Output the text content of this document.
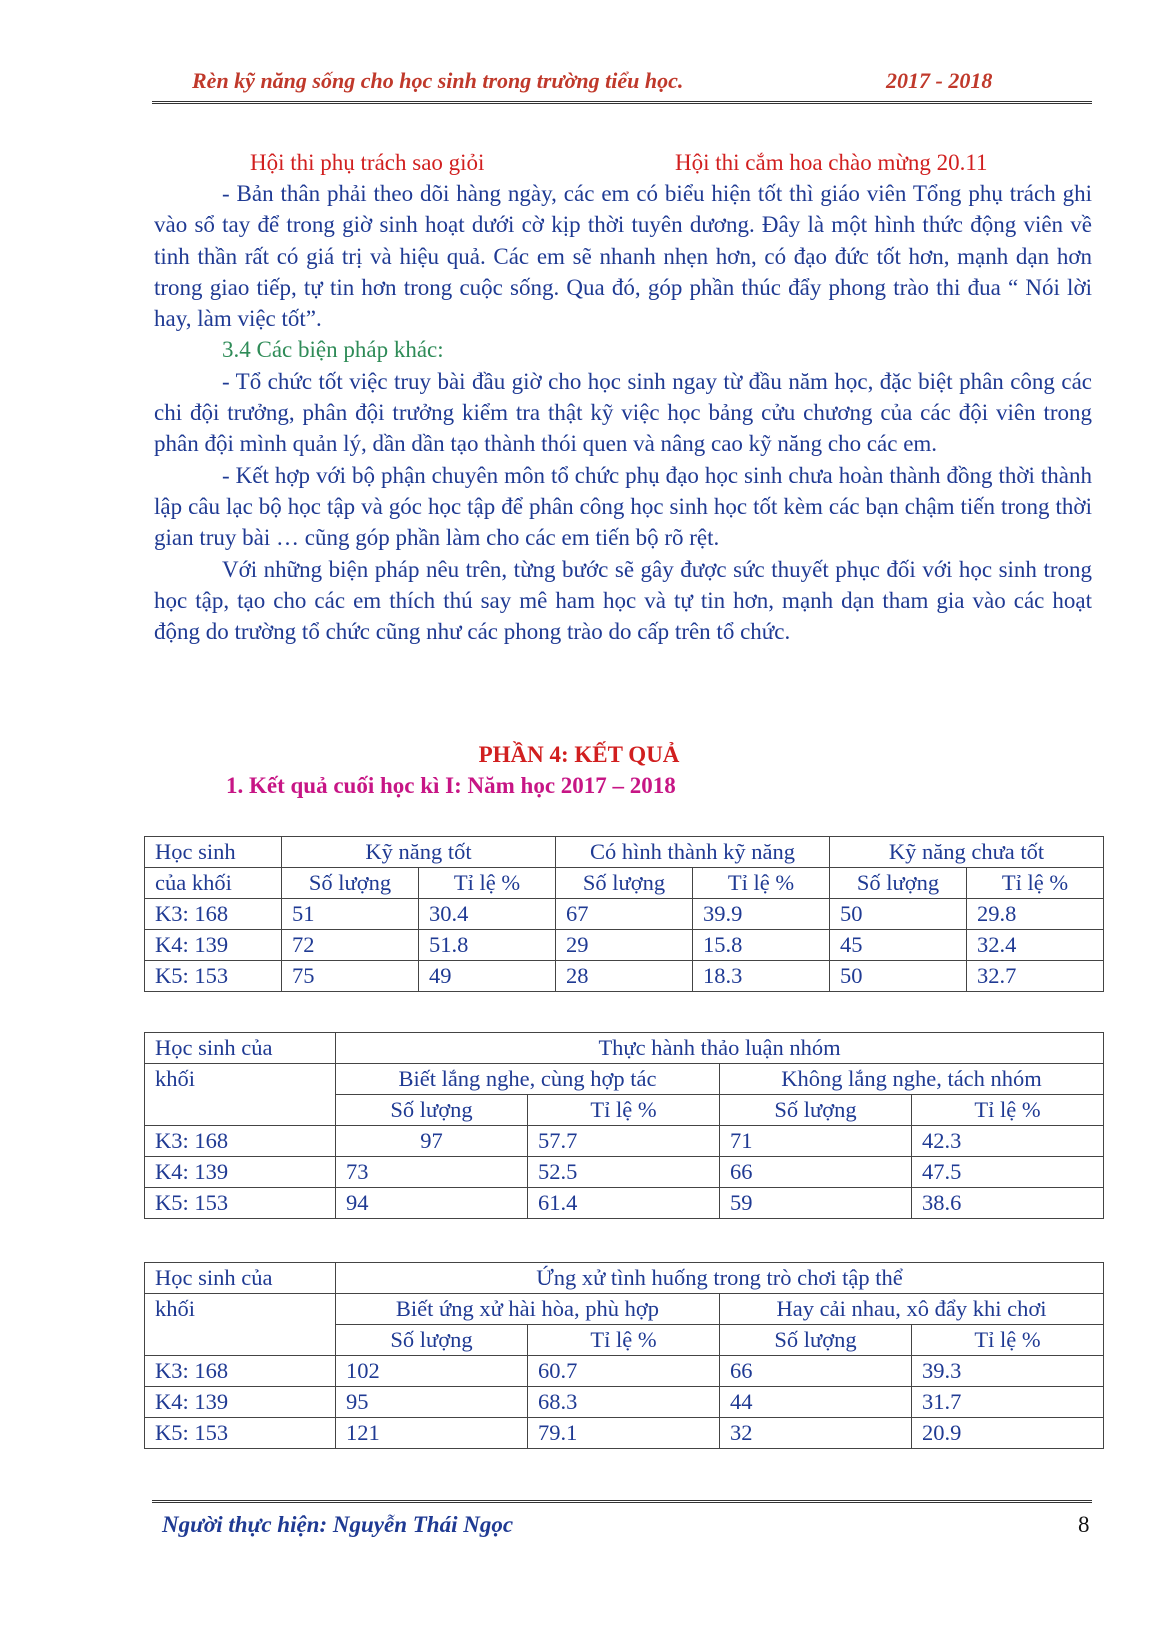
Rèn kỹ năng sống cho học sinh trong trường tiểu học.	2017 - 2018
Hội thi phụ trách sao giỏi	Hội thi cắm hoa chào mừng 20.11

- Bản thân phải theo dõi hàng ngày, các em có biểu hiện tốt thì giáo viên Tổng phụ trách ghi vào sổ tay để trong giờ sinh hoạt dưới cờ kịp thời tuyên dương. Đây là một hình thức động viên về tinh thần rất có giá trị và hiệu quả. Các em sẽ nhanh nhẹn hơn, có đạo đức tốt hơn, mạnh dạn hơn trong giao tiếp, tự tin hơn trong cuộc sống. Qua đó, góp phần thúc đẩy phong trào thi đua “ Nói lời hay, làm việc tốt”.

3.4 Các biện pháp khác:

- Tổ chức tốt việc truy bài đầu giờ cho học sinh ngay từ đầu năm học, đặc biệt phân công các chi đội trưởng, phân đội trưởng kiểm tra thật kỹ việc học bảng cửu chương của các đội viên trong phân đội mình quản lý, dần dần tạo thành thói quen và nâng cao kỹ năng cho các em.

- Kết hợp với bộ phận chuyên môn tổ chức phụ đạo học sinh chưa hoàn thành đồng thời thành lập câu lạc bộ học tập và góc học tập để phân công học sinh học tốt kèm các bạn chậm tiến trong thời gian truy bài … cũng góp phần làm cho các em tiến bộ rõ rệt.

Với những biện pháp nêu trên, từng bước sẽ gây được sức thuyết phục đối với học sinh trong học tập, tạo cho các em thích thú say mê ham học và tự tin hơn, mạnh dạn tham gia vào các hoạt động do trường tổ chức cũng như các phong trào do cấp trên tổ chức.

PHẦN 4: KẾT QUẢ
1. Kết quả cuối học kì I: Năm học 2017 – 2018
Học sinh	Kỹ năng tốt		Có hình thành kỹ năng		Kỹ năng chưa tốt	
của khối	Số lượng	Tỉ lệ %	Số lượng	Tỉ lệ %	Số lượng	Tỉ lệ %
K3: 168	51	30.4	67	39.9	50	29.8
K4: 139	72	51.8	29	15.8	45	32.4
K5: 153	75	49	28	18.3	50	32.7
Học sinh của	Thực hành thảo luận nhóm			
khối	Biết lắng nghe, cùng hợp tác		Không lắng nghe, tách nhóm	
	Số lượng	Tỉ lệ %	Số lượng	Tỉ lệ %
K3: 168	97	57.7	71	42.3
K4: 139	73	52.5	66	47.5
K5: 153	94	61.4	59	38.6
Học sinh của	Ứng xử tình huống trong trò chơi tập thể			
khối	Biết ứng xử hài hòa, phù hợp		Hay cải nhau, xô đẩy khi chơi	
	Số lượng	Tỉ lệ %	Số lượng	Tỉ lệ %
K3: 168	102	60.7	66	39.3
K4: 139	95	68.3	44	31.7
K5: 153	121	79.1	32	20.9
Người thực hiện: Nguyễn Thái Ngọc	8
